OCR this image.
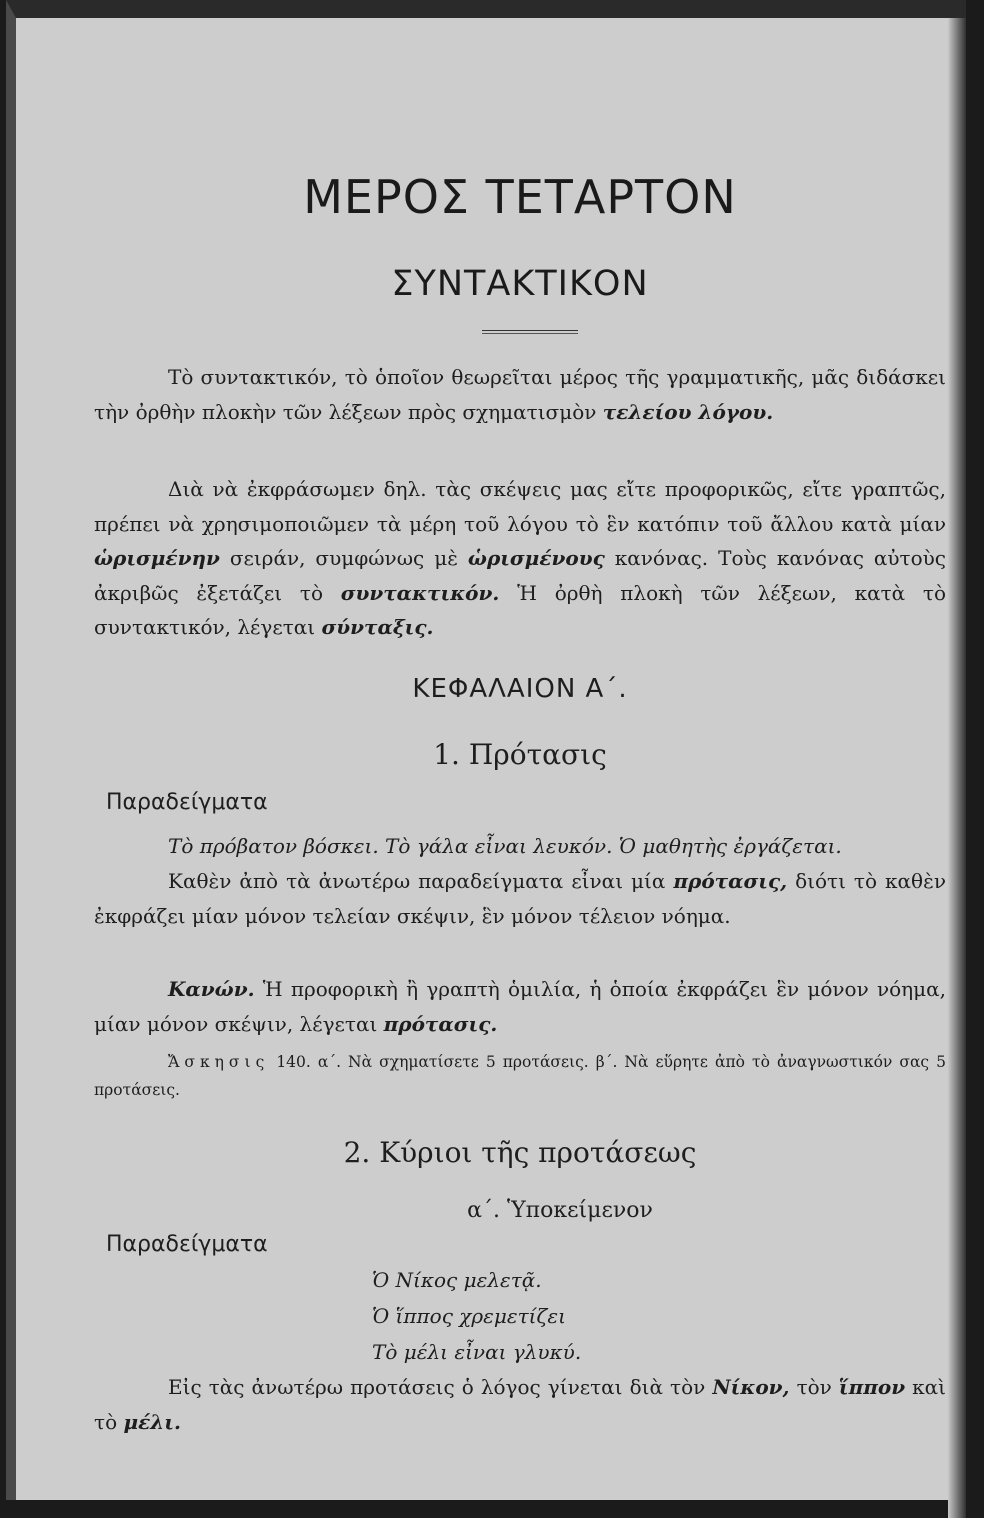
ΜΕΡΟΣ ΤΕΤΑΡΤΟΝ
ΣΥΝΤΑΚΤΙΚΟΝ
Τὸ συντακτικόν, τὸ ὁποῖον θεωρεῖται μέρος τῆς γραμματικῆς, μᾶς διδάσκει τὴν ὀρθὴν πλοκὴν τῶν λέξεων πρὸς σχηματισμὸν τελείου λόγου.
Διὰ νὰ ἐκφράσωμεν δηλ. τὰς σκέψεις μας εἴτε προφορικῶς, εἴτε γραπτῶς, πρέπει νὰ χρησιμοποιῶμεν τὰ μέρη τοῦ λόγου τὸ ἓν κατόπιν τοῦ ἄλλου κατὰ μίαν ὡρισμένην σειράν, συμφώνως μὲ ὡρισμένους κανόνας. Τοὺς κανόνας αὐτοὺς ἀκριβῶς ἐξετάζει τὸ συντακτικόν. Ἡ ὀρθὴ πλοκὴ τῶν λέξεων, κατὰ τὸ συντακτικόν, λέγεται σύνταξις.
ΚΕΦΑΛΑΙΟΝ Α΄.
1. Πρότασις
Παραδείγματα
Τὸ πρόβατον βόσκει. Τὸ γάλα εἶναι λευκόν. Ὁ μαθητὴς ἐργάζεται.
Καθὲν ἀπὸ τὰ ἀνωτέρω παραδείγματα εἶναι μία πρότασις, διότι τὸ καθὲν ἐκφράζει μίαν μόνον τελείαν σκέψιν, ἓν μόνον τέλειον νόημα.
Κανών. Ἡ προφορικὴ ἢ γραπτὴ ὁμιλία, ἡ ὁποία ἐκφράζει ἓν μόνον νόημα, μίαν μόνον σκέψιν, λέγεται πρότασις.
Ἄσκησις 140. α΄. Νὰ σχηματίσετε 5 προτάσεις. β΄. Νὰ εὕρητε ἀπὸ τὸ ἀναγνωστικόν σας 5 προτάσεις.
2. Κύριοι τῆς προτάσεως
α΄. Ὑποκείμενον
Παραδείγματα
Ὁ Νίκος μελετᾷ.
Ὁ ἵππος χρεμετίζει
Τὸ μέλι εἶναι γλυκύ.
Εἰς τὰς ἀνωτέρω προτάσεις ὁ λόγος γίνεται διὰ τὸν Νίκον, τὸν ἵππον καὶ τὸ μέλι.
